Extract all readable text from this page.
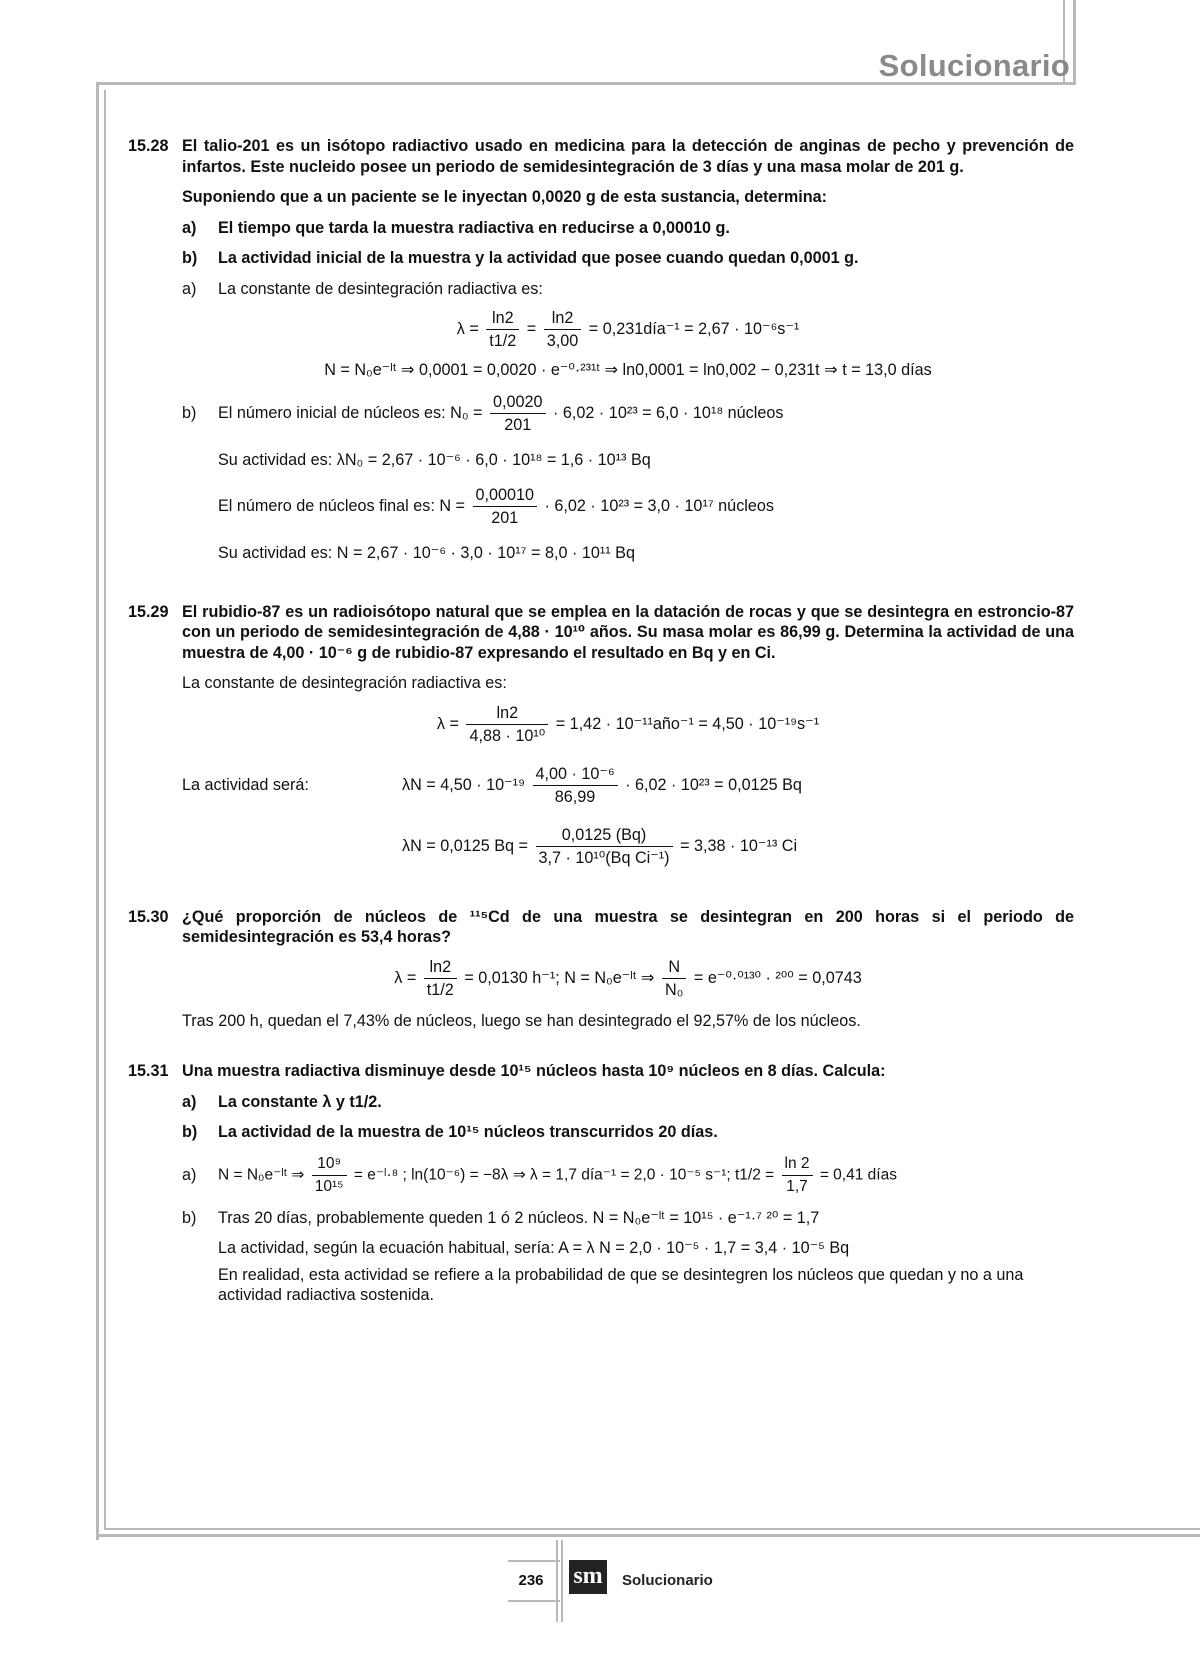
Solucionario
15.28 El talio-201 es un isótopo radiactivo usado en medicina para la detección de anginas de pecho y prevención de infartos. Este nucleido posee un periodo de semidesintegración de 3 días y una masa molar de 201 g.
Suponiendo que a un paciente se le inyectan 0,0020 g de esta sustancia, determina:
a)	El tiempo que tarda la muestra radiactiva en reducirse a 0,00010 g.
b)	La actividad inicial de la muestra y la actividad que posee cuando quedan 0,0001 g.
a)	La constante de desintegración radiactiva es:
$\lambda = \frac{\ln 2}{t1/2} = \frac{\ln 2}{3,00}$ = 0,231día⁻¹ = 2,67 · 10⁻⁶s⁻¹
N = N₀e⁻ˡᵗ ⇒ 0,0001 = 0,0020 · e⁻⁰·²³¹ᵗ ⇒ ln0,0001 = ln0,002 − 0,231t ⇒ t = 13,0 días
b)	El número inicial de núcleos es: $N_0 = \frac{0,0020}{201} \cdot 6,02 \cdot 10^{23} = 6,0 \cdot 10^{18}$ núcleos
Su actividad es: λN₀ = 2,67 · 10⁻⁶ · 6,0 · 10¹⁸ = 1,6 · 10¹³ Bq
El número de núcleos final es: $N = \frac{0,00010}{201} \cdot 6,02 \cdot 10^{23} = 3,0 \cdot 10^{17}$ núcleos
Su actividad es: N = 2,67 · 10⁻⁶ · 3,0 · 10¹⁷ = 8,0 · 10¹¹ Bq
15.29 El rubidio-87 es un radioisótopo natural que se emplea en la datación de rocas y que se desintegra en estroncio-87 con un periodo de semidesintegración de 4,88 · 10¹⁰ años. Su masa molar es 86,99 g. Determina la actividad de una muestra de 4,00 · 10⁻⁶ g de rubidio-87 expresando el resultado en Bq y en Ci.
La constante de desintegración radiactiva es:
$\lambda = \frac{\ln 2}{\text{4,88 · 10¹⁰}} = 1,42$ · 10⁻¹¹año⁻¹ = 4,50 · 10⁻¹⁹s⁻¹
La actividad será:	$\lambda N = 4,50 \cdot 10^{-19} \frac{\text{4,00 · 10⁻⁶}}{86,99} \cdot 6,02 \cdot 10^{23} = 0,0125$ Bq
λN = 0,0125 $Bq = \frac{0,0125 (Bq)}{\text{3,7 · 10¹⁰(Bq Ci⁻¹)}} = 3,38 \cdot 10^{-13}$ Ci
15.30 ¿Qué proporción de núcleos de ¹¹⁵Cd de una muestra se desintegran en 200 horas si el periodo de semidesintegración es 53,4 horas?
$\lambda = \frac{\ln 2}{t1/2} = 0,0130$ h⁻¹; N = N₀e⁻ˡᵗ ⇒ $\frac{N}{\text{N₀}} = e^{-0}\cdot^{0130} \cdot ^{200} = 0,0743$
Tras 200 h, quedan el 7,43% de núcleos, luego se han desintegrado el 92,57% de los núcleos.
15.31 Una muestra radiactiva disminuye desde 10¹⁵ núcleos hasta 10⁹ núcleos en 8 días. Calcula:
a)	La constante λ y t1/2.
b)	La actividad de la muestra de 10¹⁵ núcleos transcurridos 20 días.
a)	N = N₀e⁻ˡᵗ ⇒ $\frac{\text{10⁹}}{\text{10¹⁵}}$ = e⁻ˡ·⁸ ; ln(10⁻⁶) = −8λ ⇒ λ = 1,7 día⁻¹ = 2,0 · 10⁻⁵ s⁻¹; $t1/2 = \frac{\ln 2}{1,7} = 0,41$ días
b)	Tras 20 días, probablemente queden 1 ó 2 núcleos. N = N₀e⁻ˡᵗ = 10¹⁵ · e⁻¹·⁷ ²⁰ = 1,7
La actividad, según la ecuación habitual, sería: A = λ N = 2,0 · 10⁻⁵ · 1,7 = 3,4 · 10⁻⁵ Bq
En realidad, esta actividad se refiere a la probabilidad de que se desintegren los núcleos que quedan y no a una actividad radiactiva sostenida.
236	sm Solucionario
